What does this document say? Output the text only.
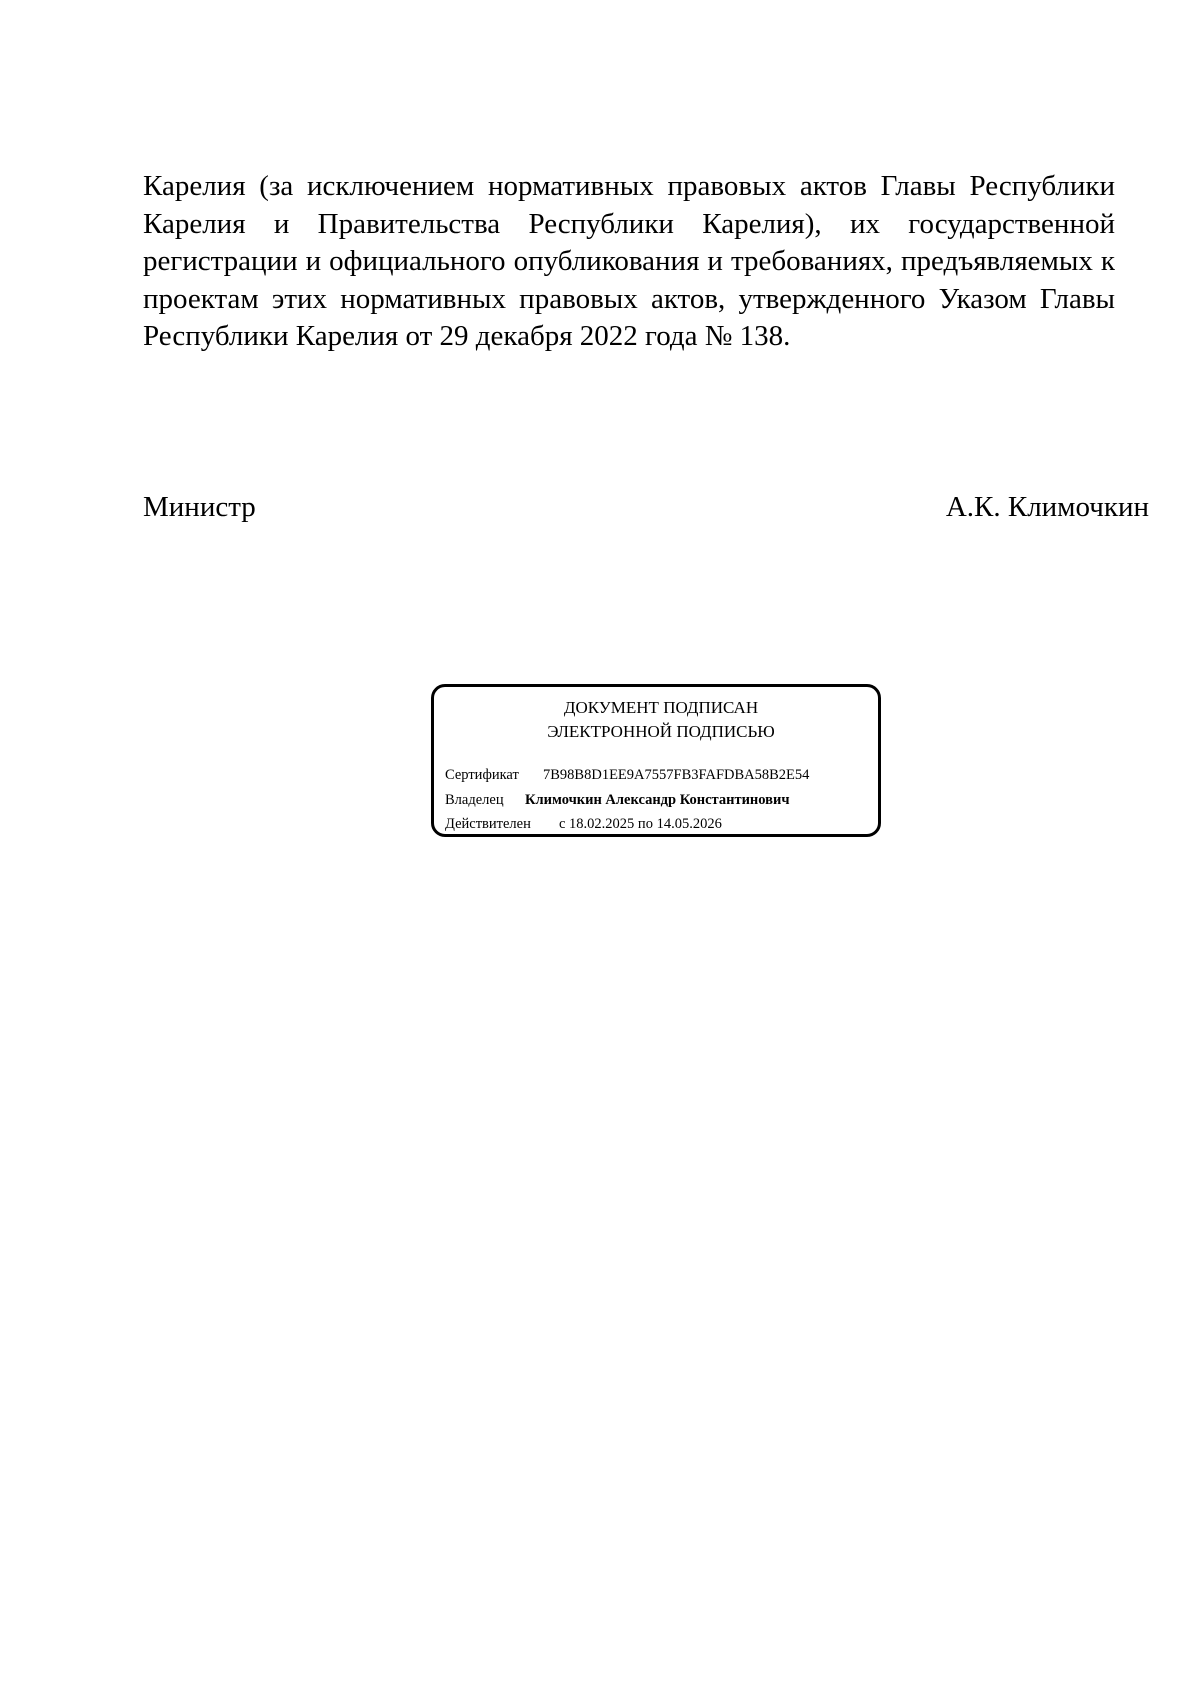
Карелия (за исключением нормативных правовых актов Главы Республики Карелия и Правительства Республики Карелия), их государственной регистрации и официального опубликования и требованиях, предъявляемых к проектам этих нормативных правовых актов, утвержденного Указом Главы Республики Карелия от 29 декабря 2022 года № 138.

Министр	А.К. Климочкин
ДОКУМЕНТ ПОДПИСАН
ЭЛЕКТРОННОЙ ПОДПИСЬЮ
Сертификат 7B98B8D1EE9A7557FB3FAFDBA58B2E54
Владелец Климочкин Александр Константинович
Действителен с 18.02.2025 по 14.05.2026
